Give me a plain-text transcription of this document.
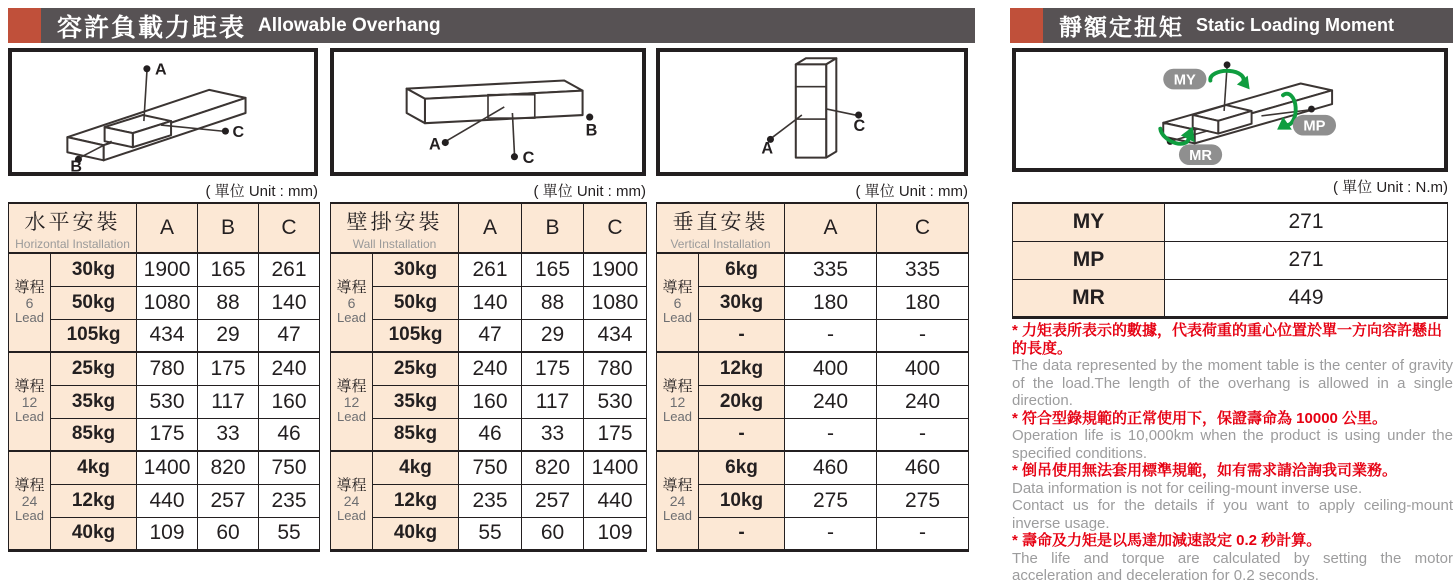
容許負載力距表 Allowable Overhang	靜額定扭矩 Static Loading Moment
A
B
C
A
B
C
A
C
MY
MP
MR
( 單位 Unit : mm)	( 單位 Unit : mm)	( 單位 Unit : mm)	( 單位 Unit : N.m)
水平安裝
Horizontal Installation		A	B	C

導程
6
Lead	30kg	1900	165	261
	50kg	1080	88	140
	105kg	434	29	47

導程
12
Lead	25kg	780	175	240
	35kg	530	117	160
	85kg	175	33	46

導程
24
Lead	4kg	1400	820	750
	12kg	440	257	235
	40kg	109	60	55
壁掛安裝
Wall Installation		A	B	C

導程
6
Lead	30kg	261	165	1900
	50kg	140	88	1080
	105kg	47	29	434

導程
12
Lead	25kg	240	175	780
	35kg	160	117	530
	85kg	46	33	175

導程
24
Lead	4kg	750	820	1400
	12kg	235	257	440
	40kg	55	60	109
垂直安裝
Vertical Installation		A	C

導程
6
Lead	6kg	335	335
	30kg	180	180
	-	-	-

導程
12
Lead	12kg	400	400
	20kg	240	240
	-	-	-

導程
24
Lead	6kg	460	460
	10kg	275	275
	-	-	-
MY	271
MP	271
MR	449

* 力矩表所表示的數據，代表荷重的重心位置於單一方向容許懸出的長度。

The data represented by the moment table is the center of gravity of the load.The length of the overhang is allowed in a single direction.

* 符合型錄規範的正常使用下，保證壽命為 10000 公里。

Operation life is 10,000km when the product is using under the specified conditions.

* 倒吊使用無法套用標準規範，如有需求請洽詢我司業務。

Data information is not for ceiling-mount inverse use.

Contact us for the details if you want to apply ceiling-mount inverse usage.

* 壽命及力矩是以馬達加減速設定 0.2 秒計算。

The life and torque are calculated by setting the motor acceleration and deceleration for 0.2 seconds.
